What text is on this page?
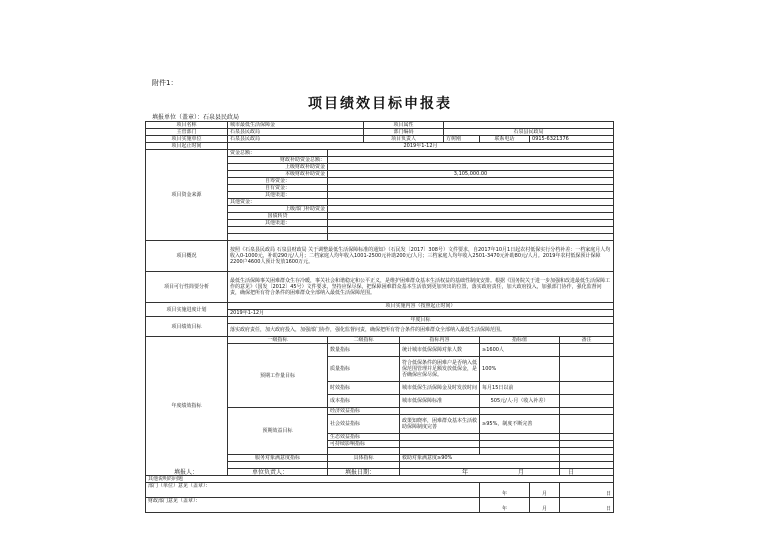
附件1：
项目绩效目标申报表
填报单位（盖章）：石泉县民政局
项目名称	城市最低生活保障金		项目属性					
主管部门	石泉县民政局		部门编码		石泉县民政局			
项目实施单位	石泉县民政局		项目负责人		方树刚	联系电话	0915-6321376	
项目起止时间	2019年1-12月							
项目资金来源	资金总额：							
	财政补助资金总额：							
	上级财政补助资金							
	本级财政补助资金	3,105,000.00						
	自筹资金：							
	自有资金：							
	其他渠道：							
	其他资金：							
	上级部门补助资金							
	国债转贷							
	其他渠道：							

项目概况	按照《石泉县民政局 石泉县财政局 关于调整最低生活保障标准的通知》（石民发〔2017〕308号）文件要求，自2017年10月1日起农村低保实行分档补差：一档家庭月人均收入0-1000元，补助290元/人月；二档家庭人均年收入1001-2500元补助200元/人月；三档家庭人均年收入2501-3470元补助80元/人月。2019年农村低保预计保障2200户4600人预计发放1600万元。							
项目可行性简要分析	最低生活保障事关困难群众生存冷暖，事关社会和谐稳定和公平正义，是维护困难群众基本生活权益的基础性制度安排。根据《国务院关于进一步加强和改进最低生活保障工作的意见》（国发〔2012〕45号）文件要求，坚持应保尽保，把保障困难群众基本生活放到更加突出的位置，落实政府责任，加大政府投入，加强部门协作，强化监督问责，确保把所有符合条件的困难群众全部纳入最低生活保障范围。							
项目实施进度计划	项目实施内容（按照起止时间）							
	2019年1-12月							
项目绩效目标	年度目标							
	落实政府责任，加大政府投入，加强部门协作，强化监督问责，确保把所有符合条件的困难群众全部纳入最低生活保障范围。							
年度绩效指标	一级指标	二级指标		指标内容		指标值		备注
	预期工作量目标	数量指标		统计城市低保保障对象人数		≥1600人		
		质量指标		符合低保条件的困难户是否纳入低保范围管理并足额发放低保金，是否确保应保尽保。		100%		
		时效指标		城市低保生活保障金及时发放时间		每月15日以前		
		成本指标		城市低保保障标准		505元/人·月（收入补差）		
	预期效益目标	经济效益指标						
		社会效益指标		政策知晓率，困难群众基本生活救助保障制度完善		≥95%，制度不断完善		
		生态效益指标						
		可持续影响指标						

	服务对象满意度指标	具体指标		救助对象满意度≥90%				

其他说明的问题								
部门（单位）意见（盖章）：						年	月	日
财政部门意见（盖章）：						年	月	日
填报人：	单位负责人：	填报日期：	年	月	日
